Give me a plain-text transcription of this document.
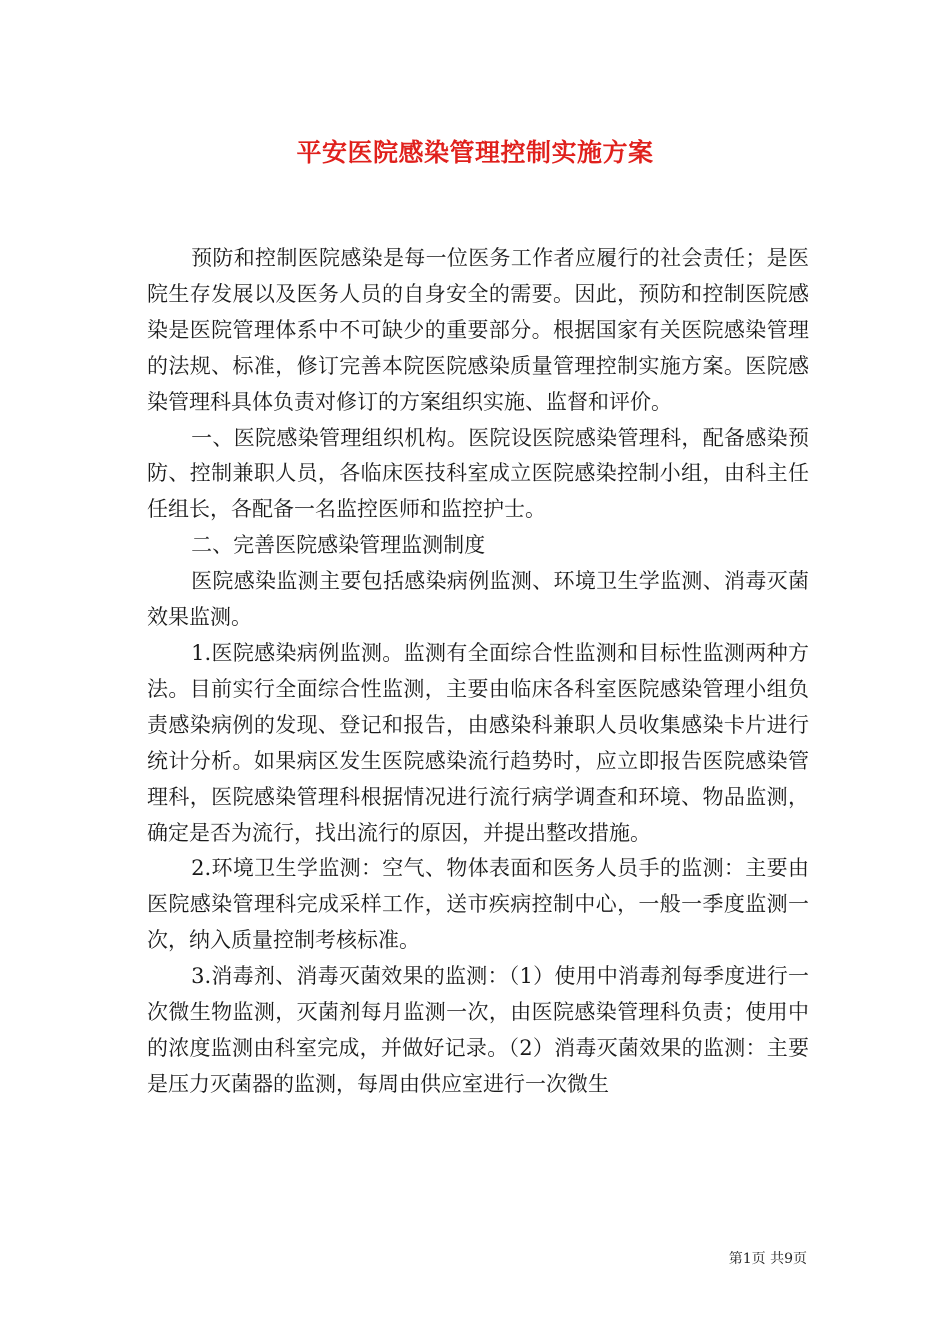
平安医院感染管理控制实施方案

预防和控制医院感染是每一位医务工作者应履行的社会责任；是医院生存发展以及医务人员的自身安全的需要。因此，预防和控制医院感染是医院管理体系中不可缺少的重要部分。根据国家有关医院感染管理的法规、标准，修订完善本院医院感染质量管理控制实施方案。医院感染管理科具体负责对修订的方案组织实施、监督和评价。

一、医院感染管理组织机构。医院设医院感染管理科，配备感染预防、控制兼职人员，各临床医技科室成立医院感染控制小组，由科主任任组长，各配备一名监控医师和监控护士。

二、完善医院感染管理监测制度

医院感染监测主要包括感染病例监测、环境卫生学监测、消毒灭菌效果监测。

1.医院感染病例监测。监测有全面综合性监测和目标性监测两种方法。目前实行全面综合性监测，主要由临床各科室医院感染管理小组负责感染病例的发现、登记和报告，由感染科兼职人员收集感染卡片进行统计分析。如果病区发生医院感染流行趋势时，应立即报告医院感染管理科，医院感染管理科根据情况进行流行病学调查和环境、物品监测，确定是否为流行，找出流行的原因，并提出整改措施。

2.环境卫生学监测：空气、物体表面和医务人员手的监测：主要由医院感染管理科完成采样工作，送市疾病控制中心，一般一季度监测一次，纳入质量控制考核标准。

3.消毒剂、消毒灭菌效果的监测：（1）使用中消毒剂每季度进行一次微生物监测，灭菌剂每月监测一次，由医院感染管理科负责；使用中的浓度监测由科室完成，并做好记录。（2）消毒灭菌效果的监测：主要是压力灭菌器的监测，每周由供应室进行一次微生

第1页 共9页
